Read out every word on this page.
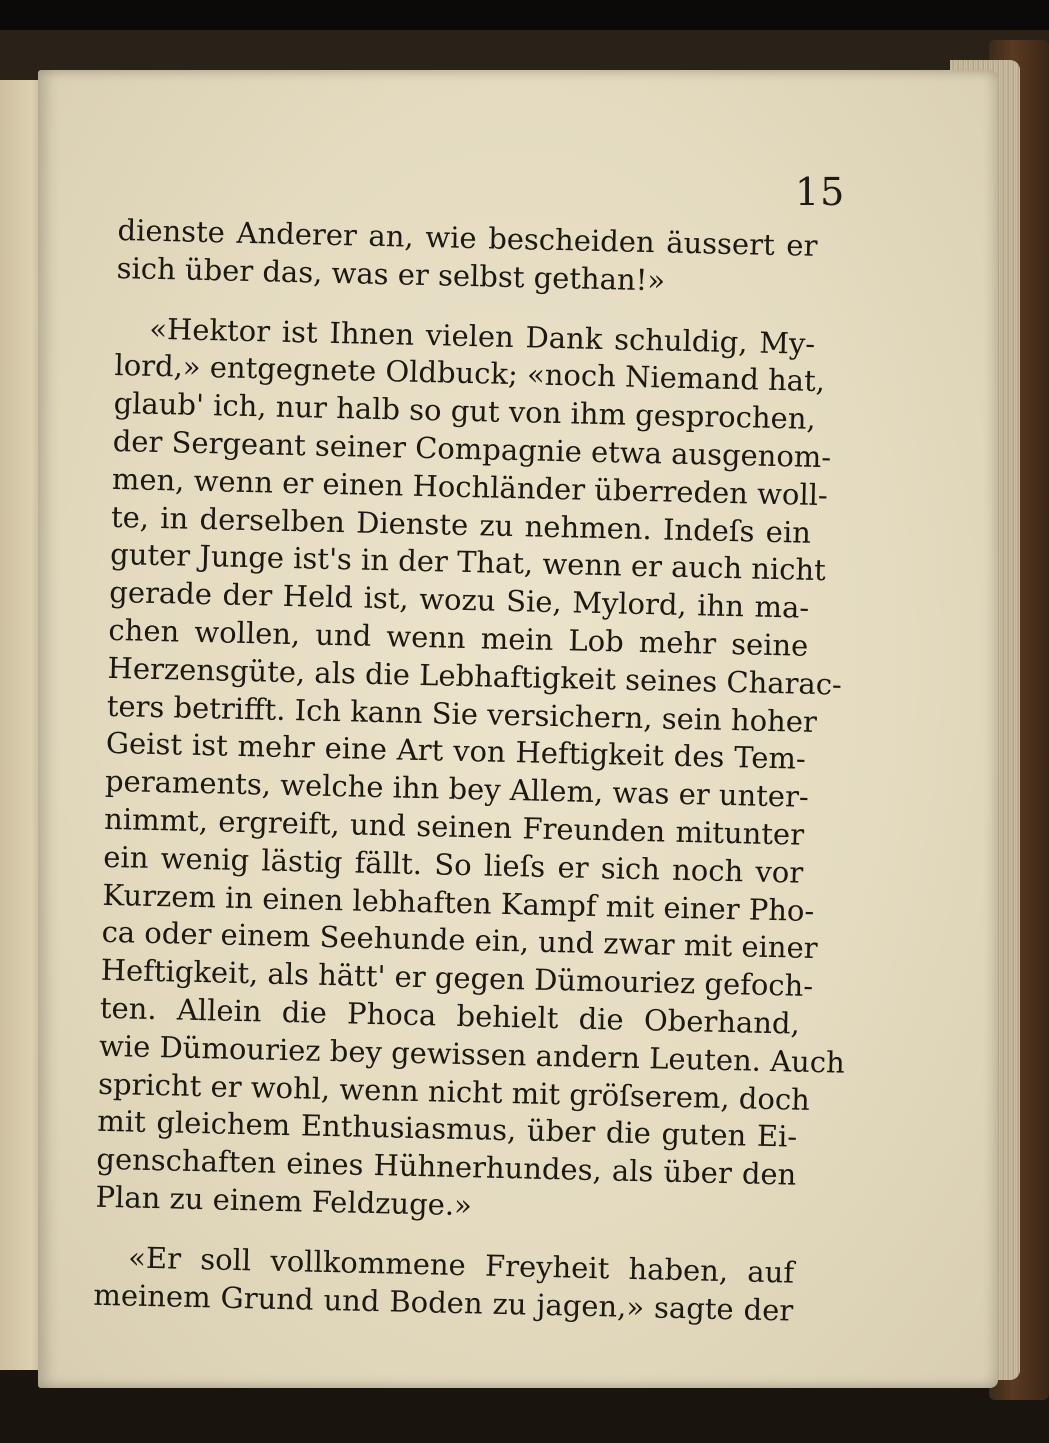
15
dienste Anderer an, wie bescheiden äussert er
sich über das, was er selbst gethan!»
«Hektor ist Ihnen vielen Dank schuldig, My-
lord,» entgegnete Oldbuck; «noch Niemand hat,
glaub' ich, nur halb so gut von ihm gesprochen,
der Sergeant seiner Compagnie etwa ausgenom-
men, wenn er einen Hochländer überreden woll-
te, in derselben Dienste zu nehmen. Indeſs ein
guter Junge ist's in der That, wenn er auch nicht
gerade der Held ist, wozu Sie, Mylord, ihn ma-
chen wollen, und wenn mein Lob mehr seine
Herzensgüte, als die Lebhaftigkeit seines Charac-
ters betrifft. Ich kann Sie versichern, sein hoher
Geist ist mehr eine Art von Heftigkeit des Tem-
peraments, welche ihn bey Allem, was er unter-
nimmt, ergreift, und seinen Freunden mitunter
ein wenig lästig fällt. So lieſs er sich noch vor
Kurzem in einen lebhaften Kampf mit einer Pho-
ca oder einem Seehunde ein, und zwar mit einer
Heftigkeit, als hätt' er gegen Dümouriez gefoch-
ten. Allein die Phoca behielt die Oberhand,
wie Dümouriez bey gewissen andern Leuten. Auch
spricht er wohl, wenn nicht mit gröſserem, doch
mit gleichem Enthusiasmus, über die guten Ei-
genschaften eines Hühnerhundes, als über den
Plan zu einem Feldzuge.»
«Er soll vollkommene Freyheit haben, auf
meinem Grund und Boden zu jagen,» sagte der
